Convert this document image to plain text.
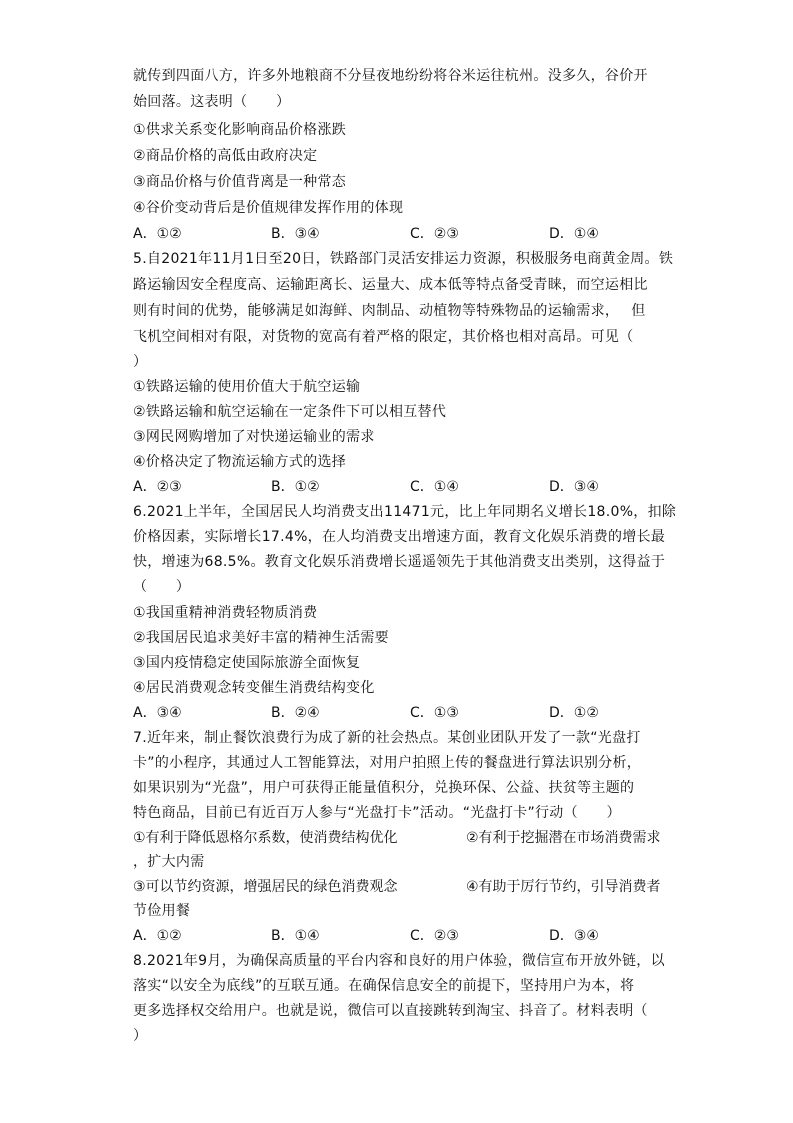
就传到四面八方，许多外地粮商不分昼夜地纷纷将谷米运往杭州。没多久，谷价开
始回落。这表明（　　）
①供求关系变化影响商品价格涨跌
②商品价格的高低由政府决定
③商品价格与价值背离是一种常态
④谷价变动背后是价值规律发挥作用的体现
A．①②	B．③④	C．②③	D．①④
5.自2021年11月1日至20日，铁路部门灵活安排运力资源，积极服务电商黄金周。铁
路运输因安全程度高、运输距离长、运量大、成本低等特点备受青睐，而空运相比
则有时间的优势，能够满足如海鲜、肉制品、动植物等特殊物品的运输需求，　 但
飞机空间相对有限，对货物的宽高有着严格的限定，其价格也相对高昂。可见（
）
①铁路运输的使用价值大于航空运输
②铁路运输和航空运输在一定条件下可以相互替代
③网民网购增加了对快递运输业的需求
④价格决定了物流运输方式的选择
A．②③	B．①②	C．①④	D．③④
6.2021上半年，全国居民人均消费支出11471元，比上年同期名义增长18.0%，扣除
价格因素，实际增长17.4%，在人均消费支出增速方面，教育文化娱乐消费的增长最
快，增速为68.5%。教育文化娱乐消费增长遥遥领先于其他消费支出类别，这得益于
（　　）
①我国重精神消费轻物质消费
②我国居民追求美好丰富的精神生活需要
③国内疫情稳定使国际旅游全面恢复
④居民消费观念转变催生消费结构变化
A．③④	B．②④	C．①③	D．①②
7.近年来，制止餐饮浪费行为成了新的社会热点。某创业团队开发了一款“光盘打
卡”的小程序，其通过人工智能算法，对用户拍照上传的餐盘进行算法识别分析，
如果识别为“光盘”，用户可获得正能量值积分，兑换环保、公益、扶贫等主题的
特色商品，目前已有近百万人参与“光盘打卡”活动。“光盘打卡”行动（　　）
①有利于降低恩格尔系数，使消费结构优化	②有利于挖掘潜在市场消费需求
，扩大内需
③可以节约资源，增强居民的绿色消费观念	④有助于厉行节约，引导消费者
节俭用餐
A．①②	B．①④	C．②③	D．③④
8.2021年9月，为确保高质量的平台内容和良好的用户体验，微信宣布开放外链，以
落实“以安全为底线”的互联互通。在确保信息安全的前提下，坚持用户为本，将
更多选择权交给用户。也就是说，微信可以直接跳转到淘宝、抖音了。材料表明（
）
